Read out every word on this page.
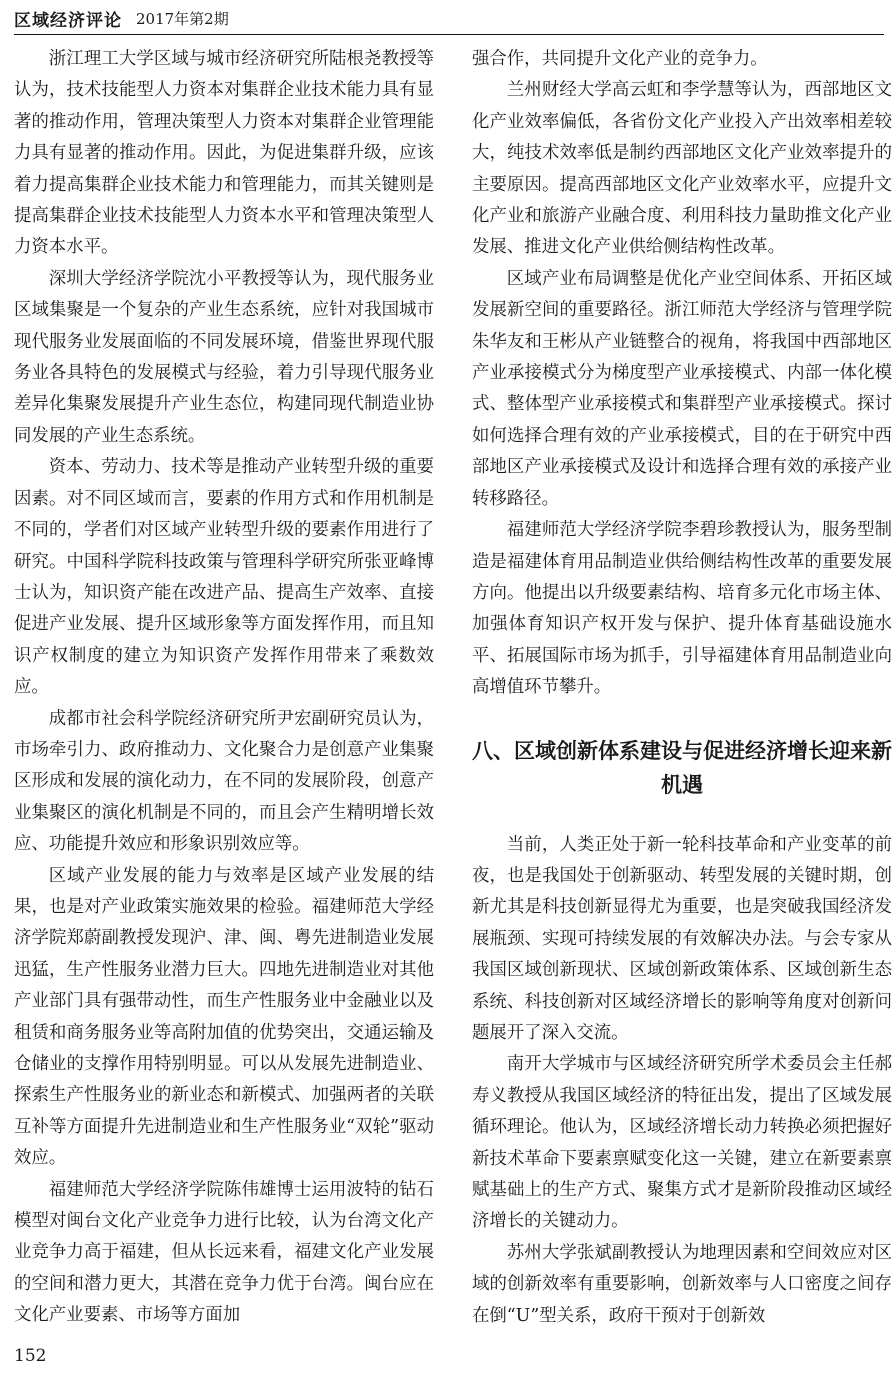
区域经济评论 2017年第2期

浙江理工大学区域与城市经济研究所陆根尧教授等认为，技术技能型人力资本对集群企业技术能力具有显著的推动作用，管理决策型人力资本对集群企业管理能力具有显著的推动作用。因此，为促进集群升级，应该着力提高集群企业技术能力和管理能力，而其关键则是提高集群企业技术技能型人力资本水平和管理决策型人力资本水平。

深圳大学经济学院沈小平教授等认为，现代服务业区域集聚是一个复杂的产业生态系统，应针对我国城市现代服务业发展面临的不同发展环境，借鉴世界现代服务业各具特色的发展模式与经验，着力引导现代服务业差异化集聚发展提升产业生态位，构建同现代制造业协同发展的产业生态系统。

资本、劳动力、技术等是推动产业转型升级的重要因素。对不同区域而言，要素的作用方式和作用机制是不同的，学者们对区域产业转型升级的要素作用进行了研究。中国科学院科技政策与管理科学研究所张亚峰博士认为，知识资产能在改进产品、提高生产效率、直接促进产业发展、提升区域形象等方面发挥作用，而且知识产权制度的建立为知识资产发挥作用带来了乘数效应。

成都市社会科学院经济研究所尹宏副研究员认为，市场牵引力、政府推动力、文化聚合力是创意产业集聚区形成和发展的演化动力，在不同的发展阶段，创意产业集聚区的演化机制是不同的，而且会产生精明增长效应、功能提升效应和形象识别效应等。

区域产业发展的能力与效率是区域产业发展的结果，也是对产业政策实施效果的检验。福建师范大学经济学院郑蔚副教授发现沪、津、闽、粤先进制造业发展迅猛，生产性服务业潜力巨大。四地先进制造业对其他产业部门具有强带动性，而生产性服务业中金融业以及租赁和商务服务业等高附加值的优势突出，交通运输及仓储业的支撑作用特别明显。可以从发展先进制造业、探索生产性服务业的新业态和新模式、加强两者的关联互补等方面提升先进制造业和生产性服务业“双轮”驱动效应。

福建师范大学经济学院陈伟雄博士运用波特的钻石模型对闽台文化产业竞争力进行比较，认为台湾文化产业竞争力高于福建，但从长远来看，福建文化产业发展的空间和潜力更大，其潜在竞争力优于台湾。闽台应在文化产业要素、市场等方面加

强合作，共同提升文化产业的竞争力。

兰州财经大学高云虹和李学慧等认为，西部地区文化产业效率偏低，各省份文化产业投入产出效率相差较大，纯技术效率低是制约西部地区文化产业效率提升的主要原因。提高西部地区文化产业效率水平，应提升文化产业和旅游产业融合度、利用科技力量助推文化产业发展、推进文化产业供给侧结构性改革。

区域产业布局调整是优化产业空间体系、开拓区域发展新空间的重要路径。浙江师范大学经济与管理学院朱华友和王彬从产业链整合的视角，将我国中西部地区产业承接模式分为梯度型产业承接模式、内部一体化模式、整体型产业承接模式和集群型产业承接模式。探讨如何选择合理有效的产业承接模式，目的在于研究中西部地区产业承接模式及设计和选择合理有效的承接产业转移路径。

福建师范大学经济学院李碧珍教授认为，服务型制造是福建体育用品制造业供给侧结构性改革的重要发展方向。他提出以升级要素结构、培育多元化市场主体、加强体育知识产权开发与保护、提升体育基础设施水平、拓展国际市场为抓手，引导福建体育用品制造业向高增值环节攀升。

八、区域创新体系建设与促进经济增长迎来新机遇

当前，人类正处于新一轮科技革命和产业变革的前夜，也是我国处于创新驱动、转型发展的关键时期，创新尤其是科技创新显得尤为重要，也是突破我国经济发展瓶颈、实现可持续发展的有效解决办法。与会专家从我国区域创新现状、区域创新政策体系、区域创新生态系统、科技创新对区域经济增长的影响等角度对创新问题展开了深入交流。

南开大学城市与区域经济研究所学术委员会主任郝寿义教授从我国区域经济的特征出发，提出了区域发展循环理论。他认为，区域经济增长动力转换必须把握好新技术革命下要素禀赋变化这一关键，建立在新要素禀赋基础上的生产方式、聚集方式才是新阶段推动区域经济增长的关键动力。

苏州大学张斌副教授认为地理因素和空间效应对区域的创新效率有重要影响，创新效率与人口密度之间存在倒“U”型关系，政府干预对于创新效

152
